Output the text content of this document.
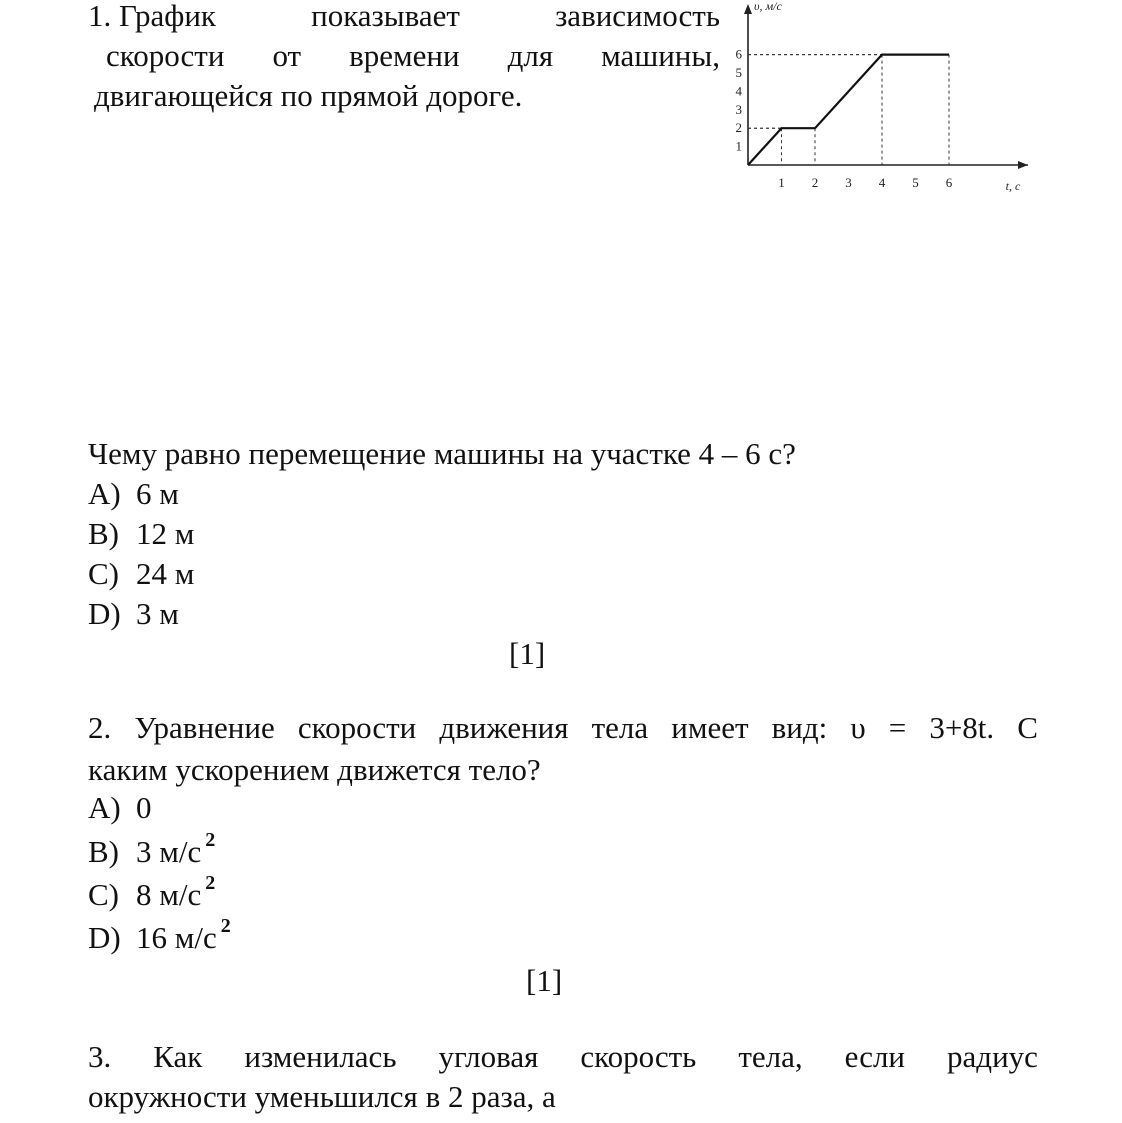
1. График	показывает	зависимость
скорости от времени для машины,
двигающейся по прямой дороге.
1 2 3 4 5 6
1
2
3
4
5
6
t, c
υ, м/с
Чему равно перемещение машины на участке 4 – 6 с?
A) 6 м
B) 12 м
C) 24 м
D) 3 м
[1]
2. Уравнение скорости движения тела имеет вид: υ = 3+8t. С
каким ускорением движется тело?
A) 0
B) 3 м/с $^2$
C) 8 м/с $^2$
D) 16 м/с $^2$
[1]
3. Как изменилась угловая скорость тела, если радиус
окружности уменьшился в 2 раза, а
